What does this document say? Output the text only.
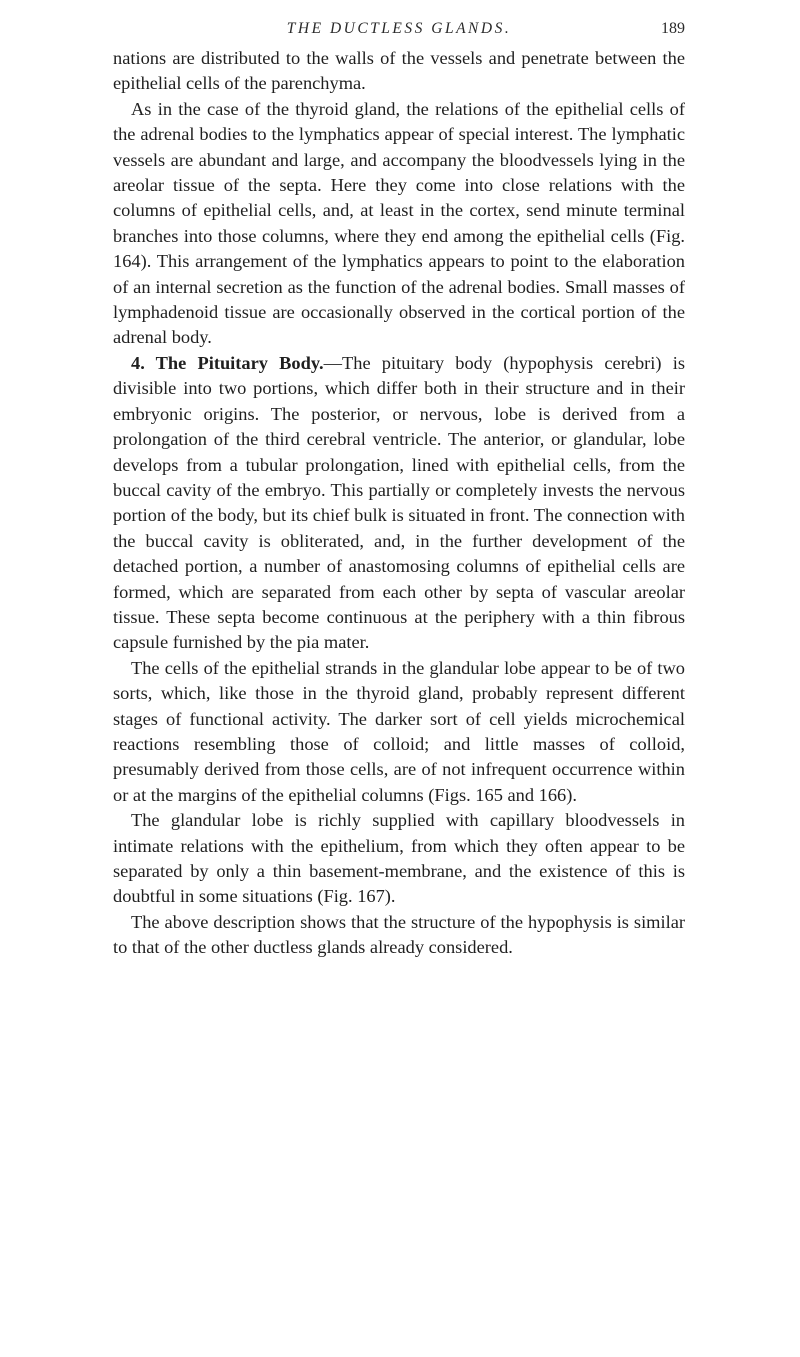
THE DUCTLESS GLANDS.	189

nations are distributed to the walls of the vessels and penetrate between the epithelial cells of the parenchyma.

As in the case of the thyroid gland, the relations of the epithelial cells of the adrenal bodies to the lymphatics appear of special interest. The lymphatic vessels are abundant and large, and accompany the bloodvessels lying in the areolar tissue of the septa. Here they come into close relations with the columns of epithelial cells, and, at least in the cortex, send minute terminal branches into those columns, where they end among the epithelial cells (Fig. 164). This arrangement of the lymphatics appears to point to the elaboration of an internal secretion as the function of the adrenal bodies. Small masses of lymphadenoid tissue are occasionally observed in the cortical portion of the adrenal body.

4. The Pituitary Body.—The pituitary body (hypophysis cerebri) is divisible into two portions, which differ both in their structure and in their embryonic origins. The posterior, or nervous, lobe is derived from a prolongation of the third cerebral ventricle. The anterior, or glandular, lobe develops from a tubular prolongation, lined with epithelial cells, from the buccal cavity of the embryo. This partially or completely invests the nervous portion of the body, but its chief bulk is situated in front. The connection with the buccal cavity is obliterated, and, in the further development of the detached portion, a number of anastomosing columns of epithelial cells are formed, which are separated from each other by septa of vascular areolar tissue. These septa become continuous at the periphery with a thin fibrous capsule furnished by the pia mater.

The cells of the epithelial strands in the glandular lobe appear to be of two sorts, which, like those in the thyroid gland, probably represent different stages of functional activity. The darker sort of cell yields microchemical reactions resembling those of colloid; and little masses of colloid, presumably derived from those cells, are of not infrequent occurrence within or at the margins of the epithelial columns (Figs. 165 and 166).

The glandular lobe is richly supplied with capillary bloodvessels in intimate relations with the epithelium, from which they often appear to be separated by only a thin basement-membrane, and the existence of this is doubtful in some situations (Fig. 167).

The above description shows that the structure of the hypophysis is similar to that of the other ductless glands already considered.
